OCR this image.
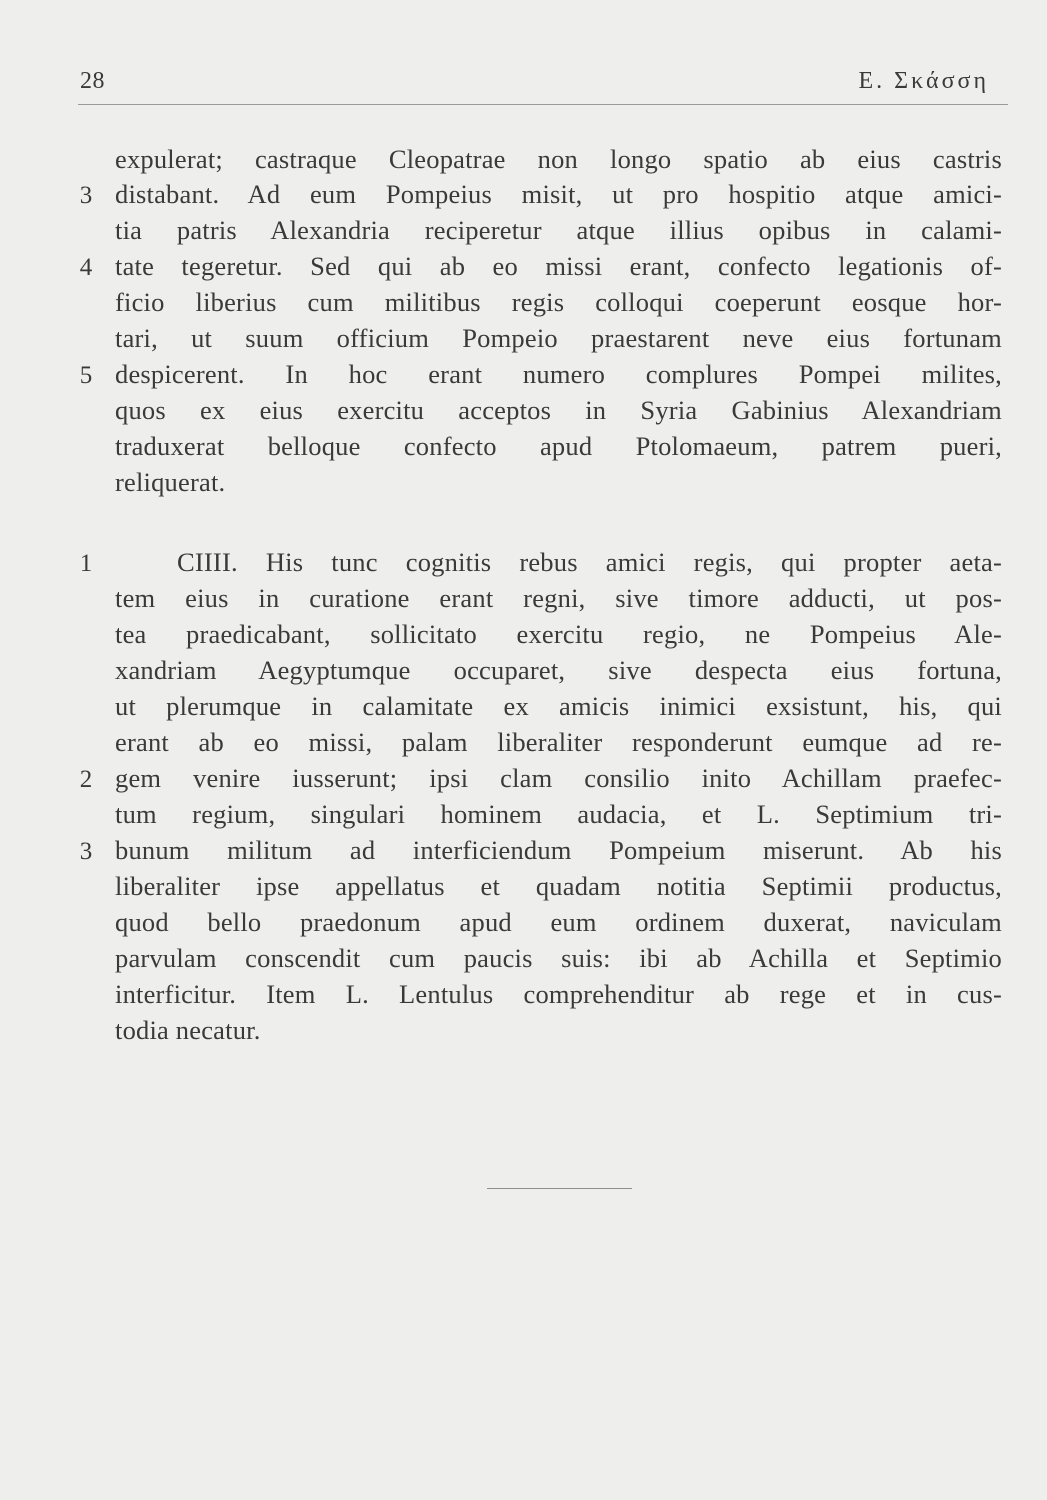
28	E. Σκάσση
expulerat; castraque Cleopatrae non longo spatio ab eius castris
distabant. Ad eum Pompeius misit, ut pro hospitio atque amici-
tia patris Alexandria reciperetur atque illius opibus in calami-
tate tegeretur. Sed qui ab eo missi erant, confecto legationis of-
ficio liberius cum militibus regis colloqui coeperunt eosque hor-
tari, ut suum officium Pompeio praestarent neve eius fortunam
despicerent. In hoc erant numero complures Pompei milites,
quos ex eius exercitu acceptos in Syria Gabinius Alexandriam
traduxerat belloque confecto apud Ptolomaeum, patrem pueri,
reliquerat.
3
4
5
CIIII. His tunc cognitis rebus amici regis, qui propter aeta-
tem eius in curatione erant regni, sive timore adducti, ut pos-
tea praedicabant, sollicitato exercitu regio, ne Pompeius Ale-
xandriam Aegyptumque occuparet, sive despecta eius fortuna,
ut plerumque in calamitate ex amicis inimici exsistunt, his, qui
erant ab eo missi, palam liberaliter responderunt eumque ad re-
gem venire iusserunt; ipsi clam consilio inito Achillam praefec-
tum regium, singulari hominem audacia, et L. Septimium tri-
bunum militum ad interficiendum Pompeium miserunt. Ab his
liberaliter ipse appellatus et quadam notitia Septimii productus,
quod bello praedonum apud eum ordinem duxerat, naviculam
parvulam conscendit cum paucis suis: ibi ab Achilla et Septimio
interficitur. Item L. Lentulus comprehenditur ab rege et in cus-
todia necatur.
1
2
3
